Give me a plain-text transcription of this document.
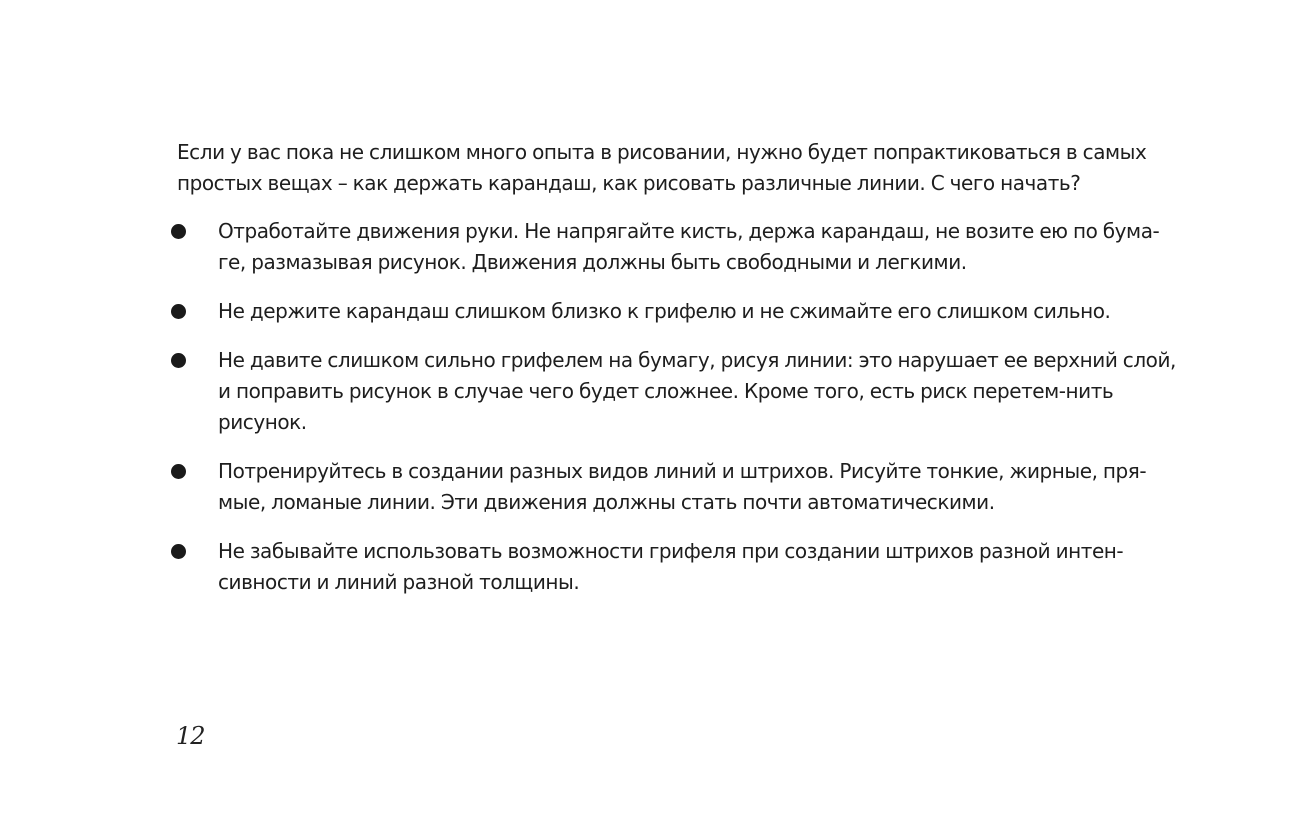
Если у вас пока не слишком много опыта в рисовании, нужно будет попрактиковаться в самых простых вещах – как держать карандаш, как рисовать различные линии. С чего начать?

Отработайте движения руки. Не напрягайте кисть, держа карандаш, не возите ею по бума-ге, размазывая рисунок. Движения должны быть свободными и легкими.
Не держите карандаш слишком близко к грифелю и не сжимайте его слишком сильно.
Не давите слишком сильно грифелем на бумагу, рисуя линии: это нарушает ее верхний слой, и поправить рисунок в случае чего будет сложнее. Кроме того, есть риск перетем-нить рисунок.
Потренируйтесь в создании разных видов линий и штрихов. Рисуйте тонкие, жирные, пря-мые, ломаные линии. Эти движения должны стать почти автоматическими.
Не забывайте использовать возможности грифеля при создании штрихов разной интен-сивности и линий разной толщины.
12
